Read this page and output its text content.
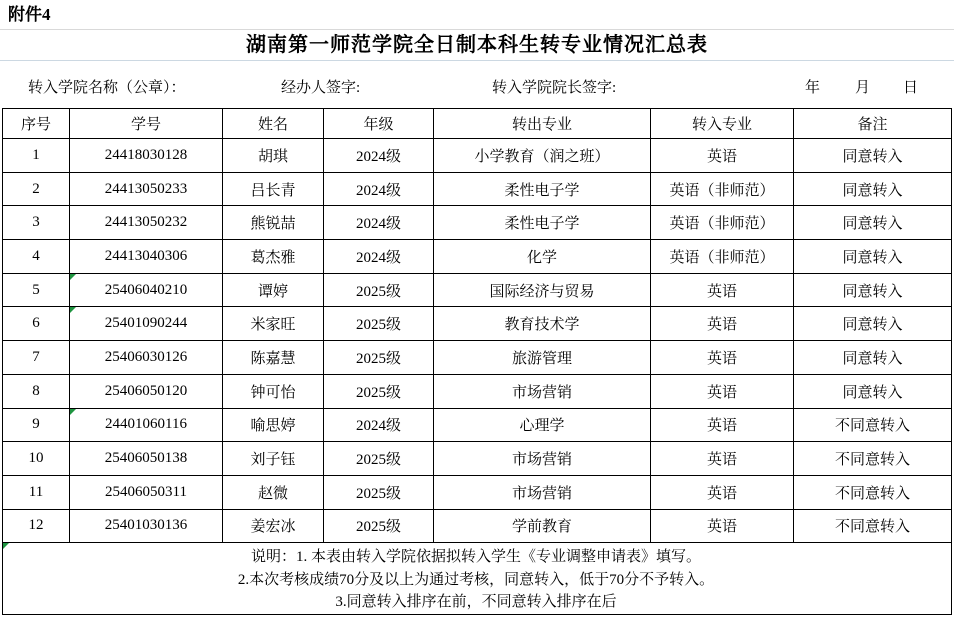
附件4
湖南第一师范学院全日制本科生转专业情况汇总表
转入学院名称（公章）：	经办人签字:	转入学院院长签字:	年 月 日
序号	学号	姓名	年级	转出专业	转入专业	备注
1	24418030128	胡琪	2024级	小学教育（润之班）	英语	同意转入
2	24413050233	吕长青	2024级	柔性电子学	英语（非师范）	同意转入
3	24413050232	熊锐喆	2024级	柔性电子学	英语（非师范）	同意转入
4	24413040306	葛杰雅	2024级	化学	英语（非师范）	同意转入
5	25406040210	谭婷	2025级	国际经济与贸易	英语	同意转入
6	25401090244	米家旺	2025级	教育技术学	英语	同意转入
7	25406030126	陈嘉慧	2025级	旅游管理	英语	同意转入
8	25406050120	钟可怡	2025级	市场营销	英语	同意转入
9	24401060116	喻思婷	2024级	心理学	英语	不同意转入
10	25406050138	刘子钰	2025级	市场营销	英语	不同意转入
11	25406050311	赵微	2025级	市场营销	英语	不同意转入
12	25401030136	姜宏冰	2025级	学前教育	英语	不同意转入

说明：1. 本表由转入学院依据拟转入学生《专业调整申请表》填写。
2.本次考核成绩70分及以上为通过考核，同意转入，低于70分不予转入。
3.同意转入排序在前，不同意转入排序在后						
